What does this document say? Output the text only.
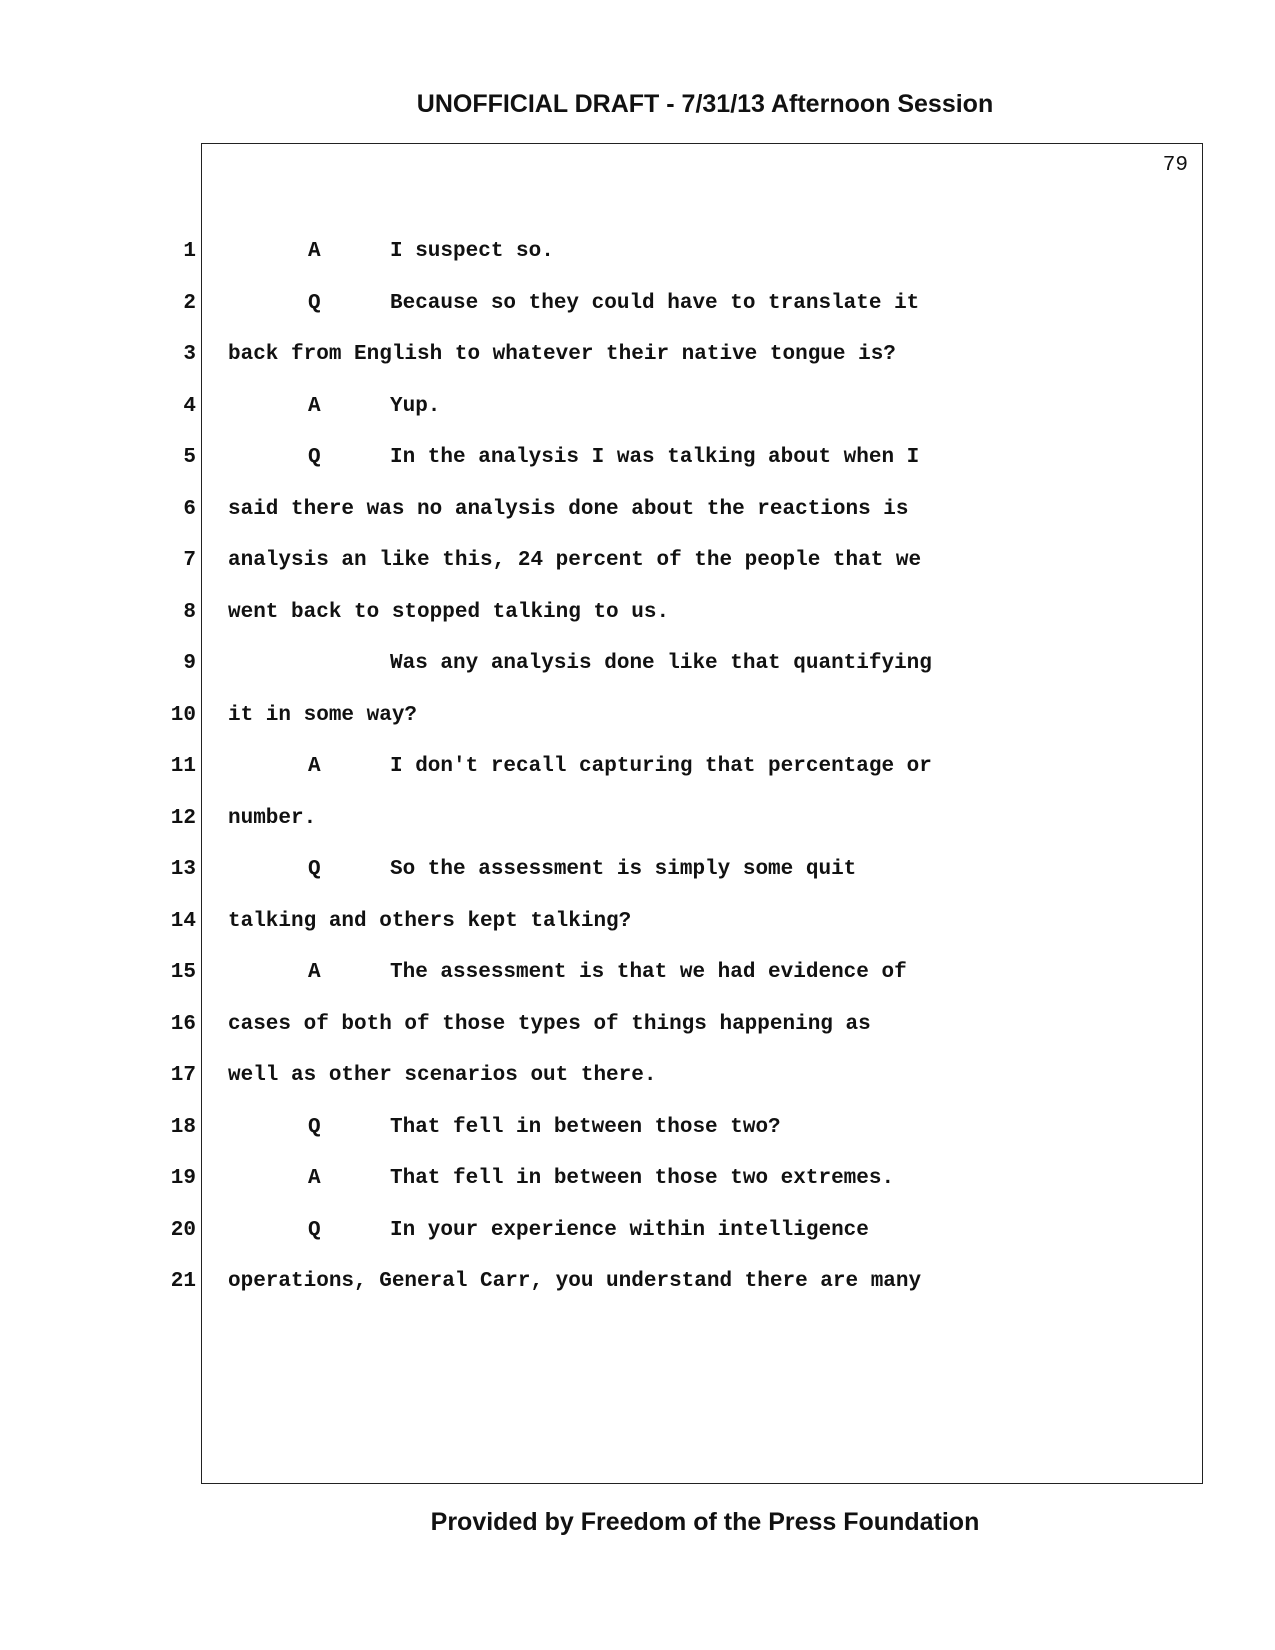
UNOFFICIAL DRAFT - 7/31/13 Afternoon Session
79
1	A	I suspect so.
2	Q	Because so they could have to translate it
3 back from English to whatever their native tongue is?
4	A	Yup.
5	Q	In the analysis I was talking about when I
6 said there was no analysis done about the reactions is
7 analysis an like this, 24 percent of the people that we
8 went back to stopped talking to us.
9	Was any analysis done like that quantifying
10 it in some way?
11	A	I don't recall capturing that percentage or
12 number.
13	Q	So the assessment is simply some quit
14 talking and others kept talking?
15	A	The assessment is that we had evidence of
16 cases of both of those types of things happening as
17 well as other scenarios out there.
18	Q	That fell in between those two?
19	A	That fell in between those two extremes.
20	Q	In your experience within intelligence
21 operations, General Carr, you understand there are many
Provided by Freedom of the Press Foundation
